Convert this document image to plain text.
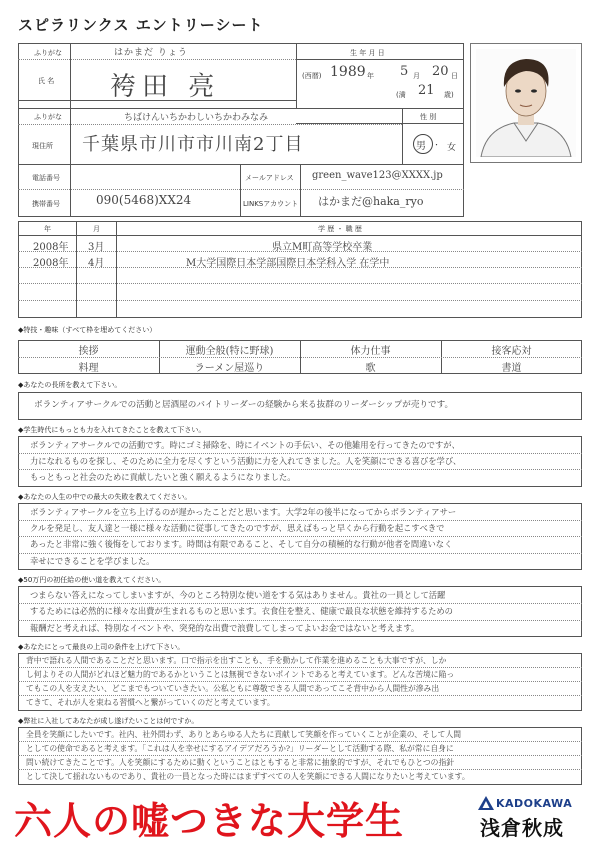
スピラリンクス エントリーシート
ふりがな	はかまだ りょう
氏 名 袴田 亮
生 年 月 日
(西暦) 1989 年 5 月 20 日
(満 21 歳)
ふりがな	ちばけんいちかわしいちかわみなみ	性 別
現住所 千葉県市川市市川南2丁目	男 ・ 女
電話番号
携帯番号	090(5468)XX24
メールアドレス green_wave123@XXXX.jp
LINKSアカウント はかまだ@haka_ryo
年	月	学 歴 ・ 職 歴
2008年 3月	県立M町高等学校卒業
2008年 4月	M大学国際日本学部国際日本学科入学 在学中
◆特技・趣味（すべて枠を埋めてください）
挨拶	運動全般(特に野球)	体力仕事	接客応対
料理	ラーメン屋巡り	歌	書道
◆あなたの長所を教えて下さい。
ボランティアサークルでの活動と居酒屋のバイトリーダーの経験から来る抜群のリーダーシップが売りです。
◆学生時代にもっとも力を入れてきたことを教えて下さい。
ボランティアサークルでの活動です。時にゴミ掃除を、時にイベントの手伝い、その他雑用を行ってきたのですが、
力になれるものを探し、そのために全力を尽くすという活動に力を入れてきました。人を笑顔にできる喜びを学び、
もっともっと社会のために貢献したいと強く願えるようになりました。
◆あなたの人生の中での最大の失敗を教えてください。
ボランティアサークルを立ち上げるのが遅かったことだと思います。大学2年の後半になってからボランティアサー
クルを発足し、友人達と一様に様々な活動に従事してきたのですが、思えばもっと早くから行動を起こすべきで
あったと非常に強く後悔をしております。時間は有限であること、そして自分の積極的な行動が他者を間違いなく
幸せにできることを学びました。
◆50万円の初任給の使い道を教えてください。
つまらない答えになってしまいますが、今のところ特別な使い道をする気はありません。貴社の一員として活躍
するためには必然的に様々な出費が生まれるものと思います。衣食住を整え、健康で最良な状態を維持するための
報酬だと考えれば、特別なイベントや、突発的な出費で浪費してしまってよいお金ではないと考えます。
◆あなたにとって最良の上司の条件を上げて下さい。
背中で語れる人間であることだと思います。口で指示を出すことも、手を動かして作業を進めることも大事ですが、しか
し何よりその人間がどれほど魅力的であるかということは無視できないポイントであると考えています。どんな苦境に陥っ
てもこの人を支えたい、どこまでもついていきたい。公私ともに尊敬できる人間であってこそ背中から人間性が滲み出
てきて、それが人を束ねる習慣へと繋がっていくのだと考えています。
◆弊社に入社してあなたが成し遂げたいことは何ですか。
全員を笑顔にしたいです。社内、社外問わず、ありとあらゆる人たちに貢献して笑顔を作っていくことが企業の、そして人間
としての使命であると考えます。「これは人を幸せにするアイデアだろうか?」リーダーとして活動する際、私が常に自身に
問い続けてきたことです。人を笑顔にするために動くということはともすると非常に抽象的ですが、それでもひとつの指針
として決して揺れないものであり、貴社の一員となった時にはまずすべての人を笑顔にできる人間になりたいと考えています。
六人の嘘つきな大学生	KADOKAWA
浅倉秋成
